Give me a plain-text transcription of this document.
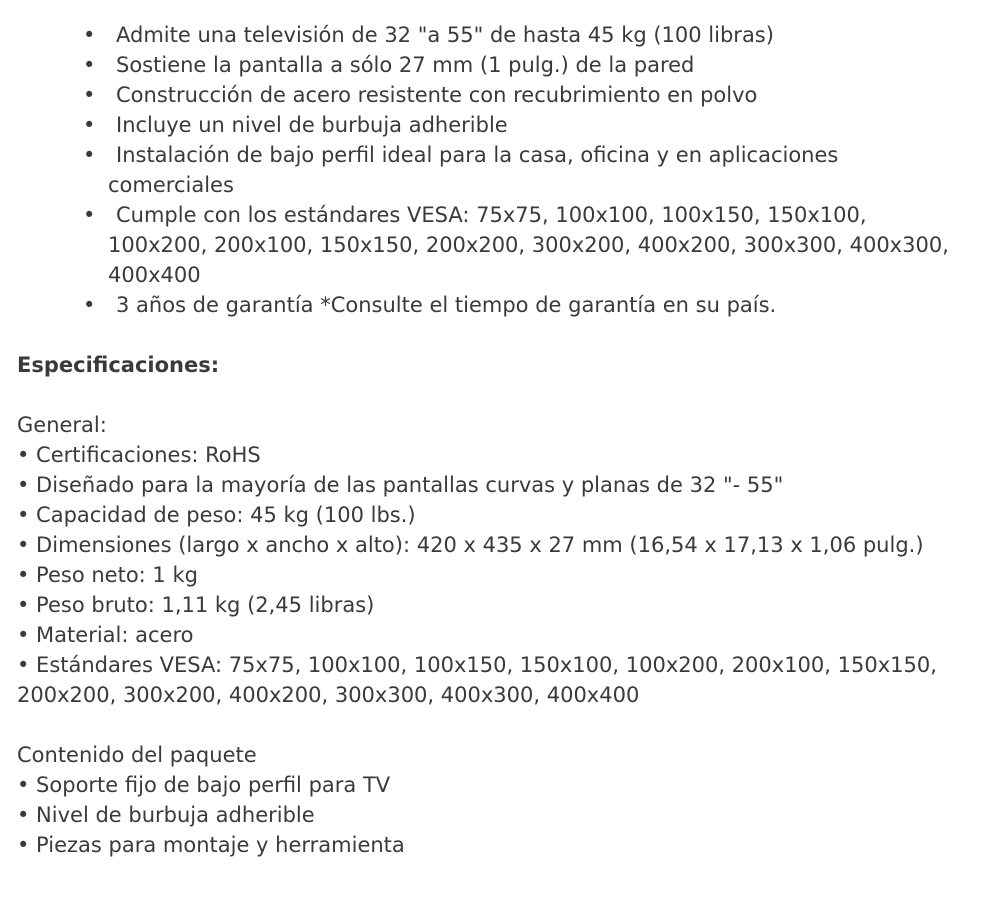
• Admite una televisión de 32 "a 55" de hasta 45 kg (100 libras)
• Sostiene la pantalla a sólo 27 mm (1 pulg.) de la pared
• Construcción de acero resistente con recubrimiento en polvo
• Incluye un nivel de burbuja adherible
• Instalación de bajo perfil ideal para la casa, oficina y en aplicaciones comerciales
• Cumple con los estándares VESA: 75x75, 100x100, 100x150, 150x100, 100x200, 200x100, 150x150, 200x200, 300x200, 400x200, 300x300, 400x300, 400x400
• 3 años de garantía *Consulte el tiempo de garantía en su país.
Especificaciones:
General:
• Certificaciones: RoHS
• Diseñado para la mayoría de las pantallas curvas y planas de 32 "- 55"
• Capacidad de peso: 45 kg (100 lbs.)
• Dimensiones (largo x ancho x alto): 420 x 435 x 27 mm (16,54 x 17,13 x 1,06 pulg.)
• Peso neto: 1 kg
• Peso bruto: 1,11 kg (2,45 libras)
• Material: acero
• Estándares VESA: 75x75, 100x100, 100x150, 150x100, 100x200, 200x100, 150x150, 200x200, 300x200, 400x200, 300x300, 400x300, 400x400
Contenido del paquete
• Soporte fijo de bajo perfil para TV
• Nivel de burbuja adherible
• Piezas para montaje y herramienta
